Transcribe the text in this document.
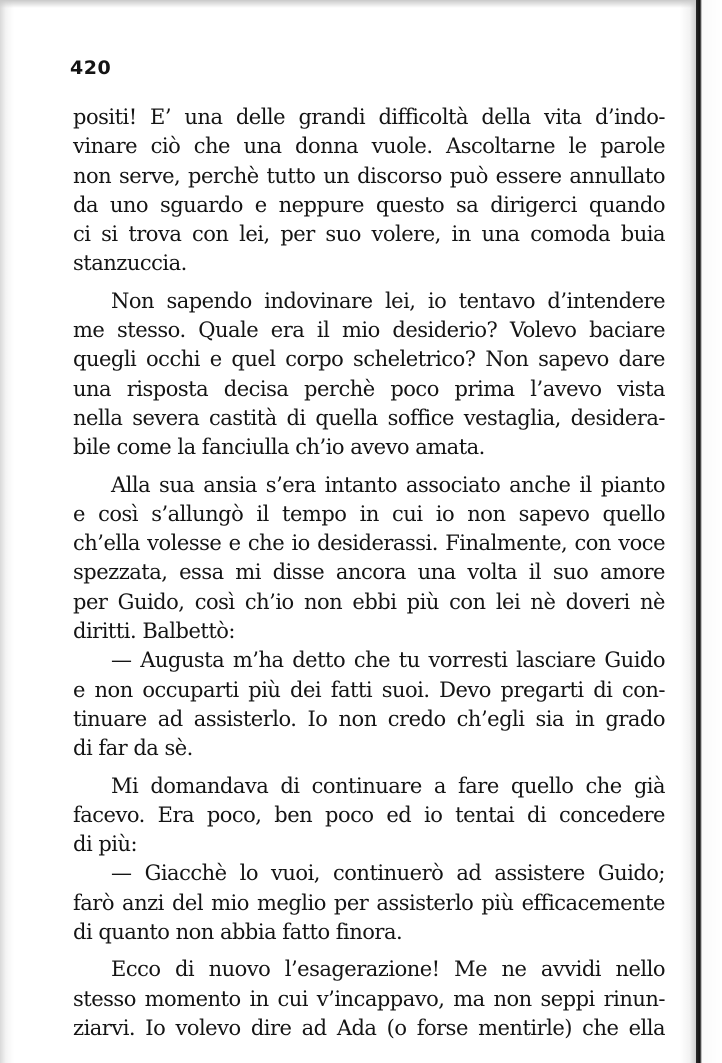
420
positi! E’ una delle grandi difficoltà della vita d’indo-
vinare ciò che una donna vuole. Ascoltarne le parole
non serve, perchè tutto un discorso può essere annullato
da uno sguardo e neppure questo sa dirigerci quando
ci si trova con lei, per suo volere, in una comoda buia
stanzuccia.
Non sapendo indovinare lei, io tentavo d’intendere
me stesso. Quale era il mio desiderio? Volevo baciare
quegli occhi e quel corpo scheletrico? Non sapevo dare
una risposta decisa perchè poco prima l’avevo vista
nella severa castità di quella soffice vestaglia, desidera-
bile come la fanciulla ch’io avevo amata.
Alla sua ansia s’era intanto associato anche il pianto
e così s’allungò il tempo in cui io non sapevo quello
ch’ella volesse e che io desiderassi. Finalmente, con voce
spezzata, essa mi disse ancora una volta il suo amore
per Guido, così ch’io non ebbi più con lei nè doveri nè
diritti. Balbettò:
— Augusta m’ha detto che tu vorresti lasciare Guido
e non occuparti più dei fatti suoi. Devo pregarti di con-
tinuare ad assisterlo. Io non credo ch’egli sia in grado
di far da sè.
Mi domandava di continuare a fare quello che già
facevo. Era poco, ben poco ed io tentai di concedere
di più:
— Giacchè lo vuoi, continuerò ad assistere Guido;
farò anzi del mio meglio per assisterlo più efficacemente
di quanto non abbia fatto finora.
Ecco di nuovo l’esagerazione! Me ne avvidi nello
stesso momento in cui v’incappavo, ma non seppi rinun-
ziarvi. Io volevo dire ad Ada (o forse mentirle) che ella
